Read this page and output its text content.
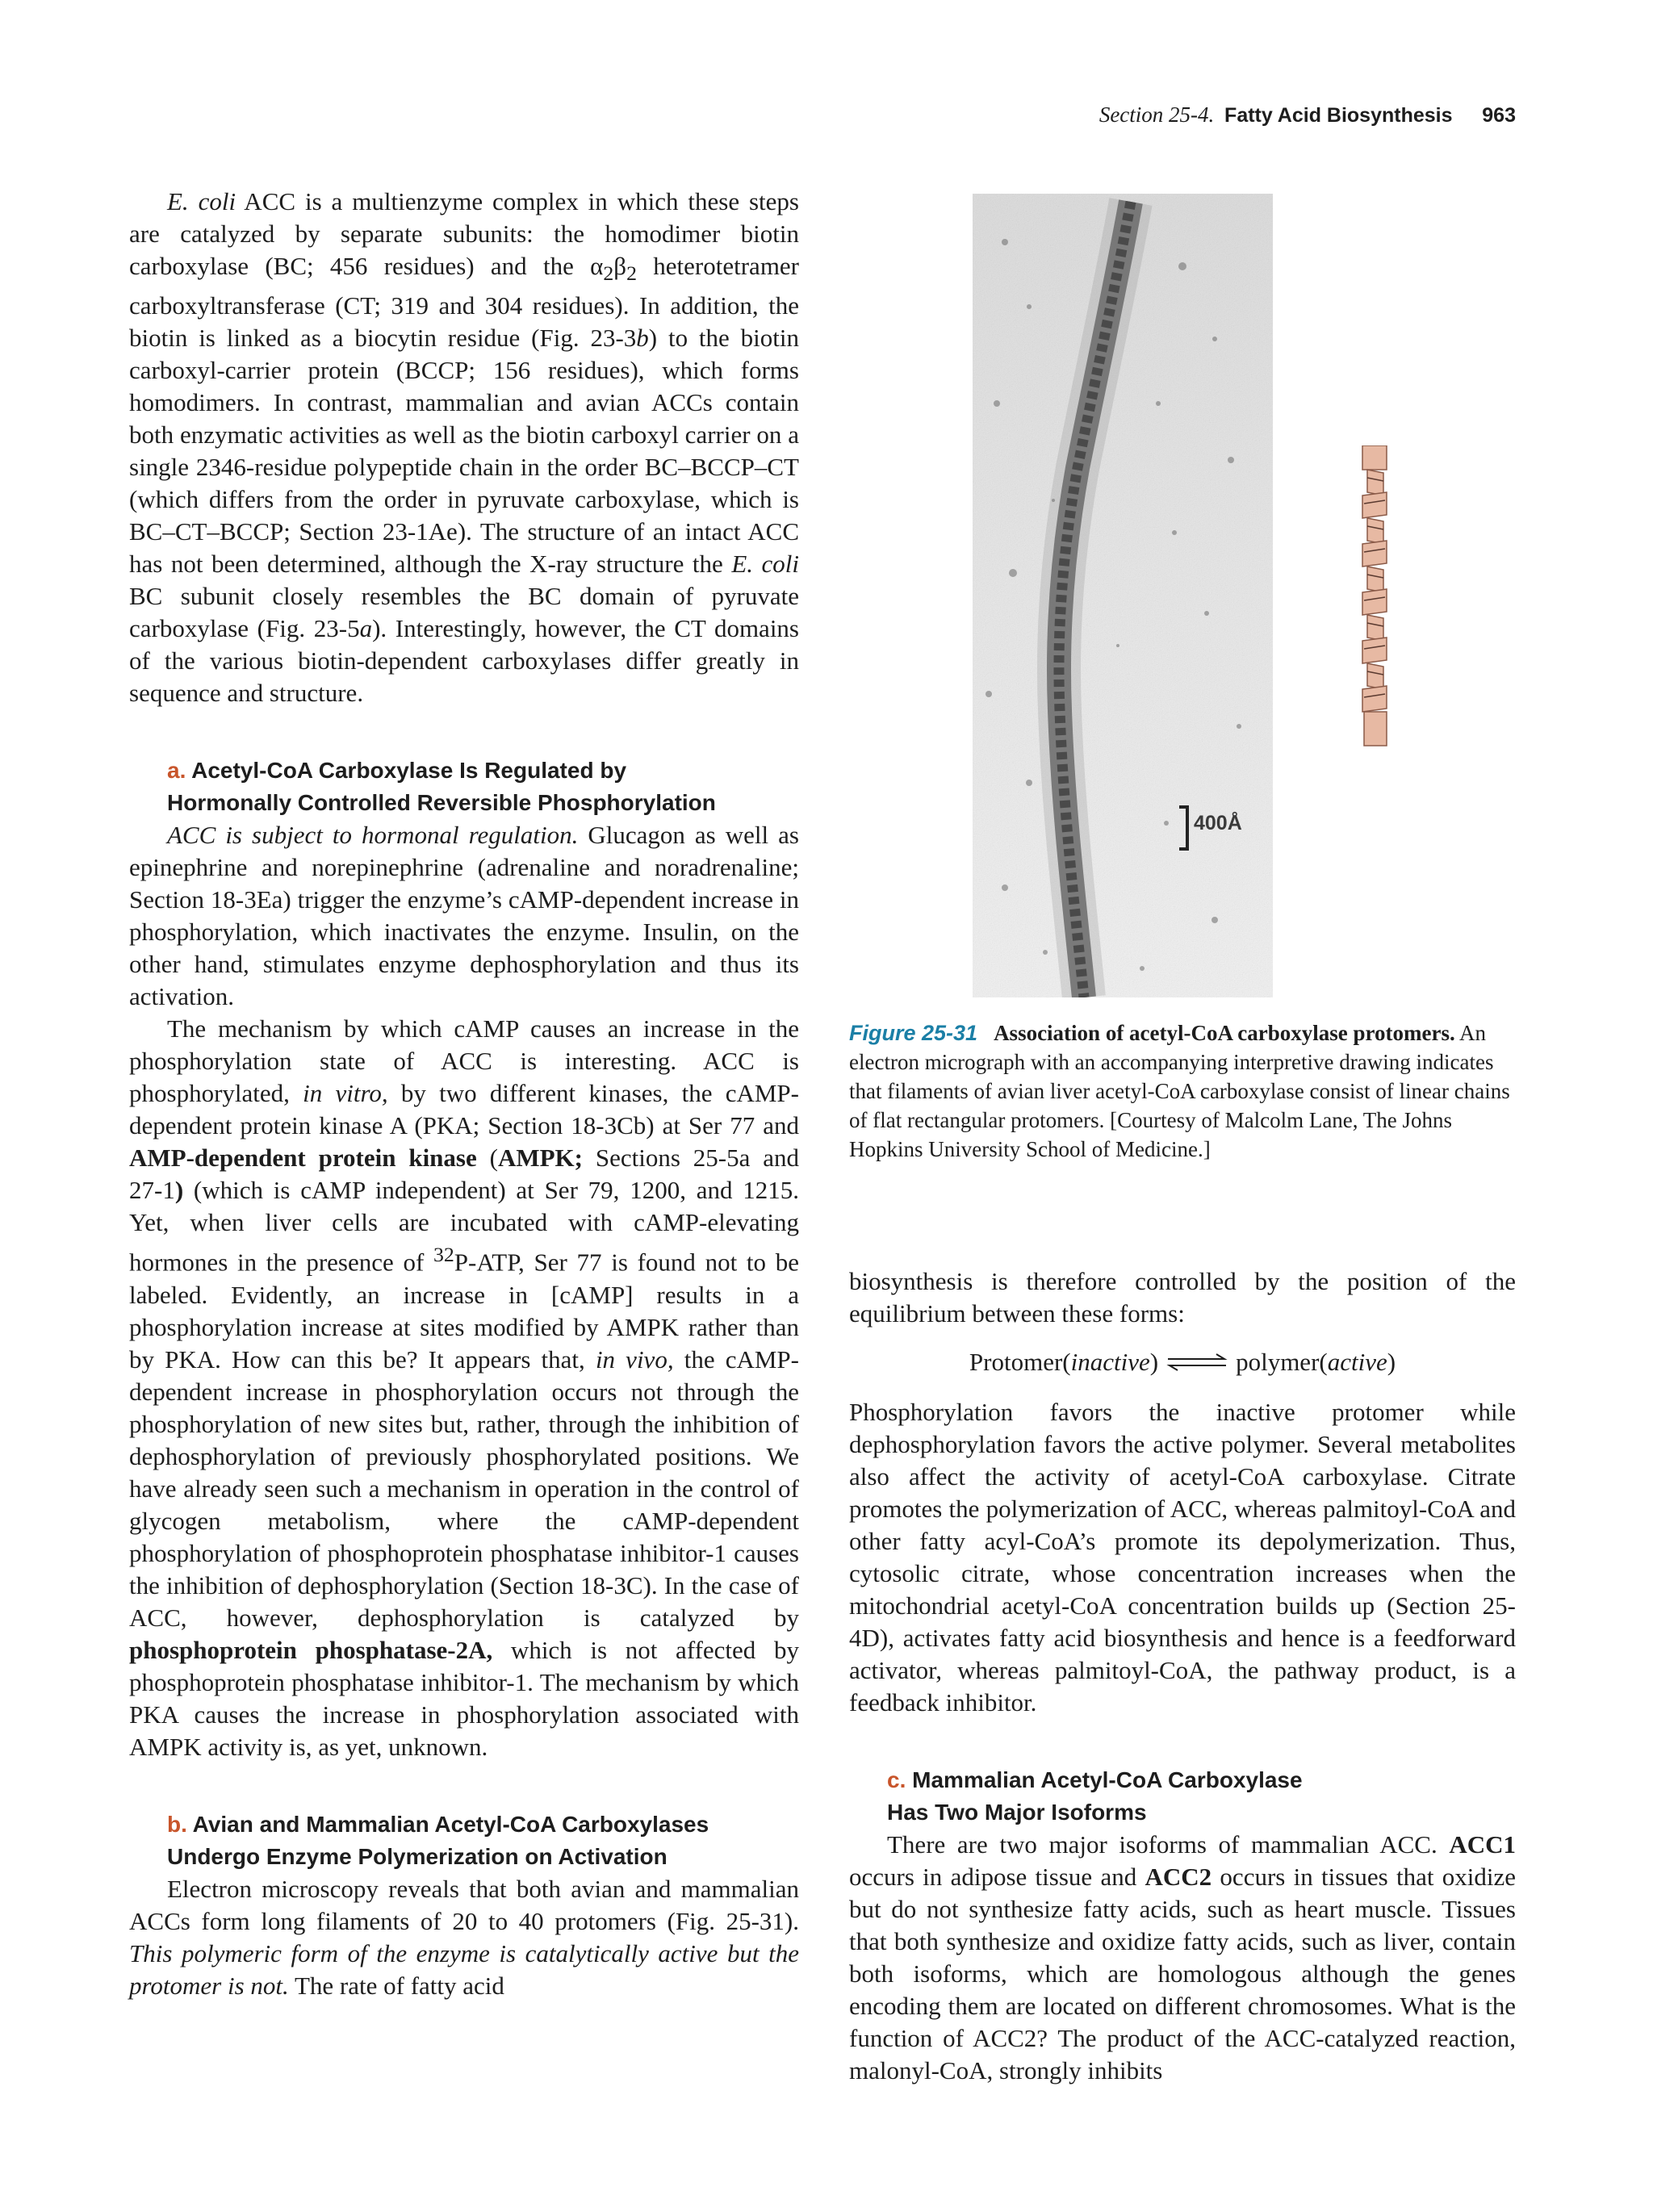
Section 25-4. Fatty Acid Biosynthesis 963

E. coli ACC is a multienzyme complex in which these steps are catalyzed by separate subunits: the homodimer biotin carboxylase (BC; 456 residues) and the $\alpha_2\beta_2$ heterotetramer carboxyltransferase (CT; 319 and 304 residues). In addition, the biotin is linked as a biocytin residue (Fig. 23-3b) to the biotin carboxyl-carrier protein (BCCP; 156 residues), which forms homodimers. In contrast, mammalian and avian ACCs contain both enzymatic activities as well as the biotin carboxyl carrier on a single 2346-residue polypeptide chain in the order BC–BCCP–CT (which differs from the order in pyruvate carboxylase, which is BC–CT–BCCP; Section 23-1Ae). The structure of an intact ACC has not been determined, although the X-ray structure the E. coli BC subunit closely resembles the BC domain of pyruvate carboxylase (Fig. 23-5a). Interestingly, however, the CT domains of the various biotin-dependent carboxylases differ greatly in sequence and structure.

a. Acetyl-CoA Carboxylase Is Regulated by
Hormonally Controlled Reversible Phosphorylation

ACC is subject to hormonal regulation. Glucagon as well as epinephrine and norepinephrine (adrenaline and noradrenaline; Section 18-3Ea) trigger the enzyme’s cAMP-dependent increase in phosphorylation, which inactivates the enzyme. Insulin, on the other hand, stimulates enzyme dephosphorylation and thus its activation.

The mechanism by which cAMP causes an increase in the phosphorylation state of ACC is interesting. ACC is phosphorylated, in vitro, by two different kinases, the cAMP-dependent protein kinase A (PKA; Section 18-3Cb) at Ser 77 and AMP-dependent protein kinase (AMPK; Sections 25-5a and 27-1) (which is cAMP independent) at Ser 79, 1200, and 1215. Yet, when liver cells are incubated with cAMP-elevating hormones in the presence of $^{32}$P-ATP, Ser 77 is found not to be labeled. Evidently, an increase in [cAMP] results in a phosphorylation increase at sites modified by AMPK rather than by PKA. How can this be? It appears that, in vivo, the cAMP-dependent increase in phosphorylation occurs not through the phosphorylation of new sites but, rather, through the inhibition of dephosphorylation of previously phosphorylated positions. We have already seen such a mechanism in operation in the control of glycogen metabolism, where the cAMP-dependent phosphorylation of phosphoprotein phosphatase inhibitor-1 causes the inhibition of dephosphorylation (Section 18-3C). In the case of ACC, however, dephosphorylation is catalyzed by phosphoprotein phosphatase-2A, which is not affected by phosphoprotein phosphatase inhibitor-1. The mechanism by which PKA causes the increase in phosphorylation associated with AMPK activity is, as yet, unknown.

b. Avian and Mammalian Acetyl-CoA Carboxylases
Undergo Enzyme Polymerization on Activation

Electron microscopy reveals that both avian and mammalian ACCs form long filaments of 20 to 40 protomers (Fig. 25-31). This polymeric form of the enzyme is catalytically active but the protomer is not. The rate of fatty acid

400Å
Figure 25-31 Association of acetyl-CoA carboxylase protomers. An electron micrograph with an accompanying interpretive drawing indicates that filaments of avian liver acetyl-CoA carboxylase consist of linear chains of flat rectangular protomers. [Courtesy of Malcolm Lane, The Johns Hopkins University School of Medicine.]

biosynthesis is therefore controlled by the position of the equilibrium between these forms:

Protomer(inactive) ⇌ polymer(active)

Phosphorylation favors the inactive protomer while dephosphorylation favors the active polymer. Several metabolites also affect the activity of acetyl-CoA carboxylase. Citrate promotes the polymerization of ACC, whereas palmitoyl-CoA and other fatty acyl-CoA’s promote its depolymerization. Thus, cytosolic citrate, whose concentration increases when the mitochondrial acetyl-CoA concentration builds up (Section 25-4D), activates fatty acid biosynthesis and hence is a feedforward activator, whereas palmitoyl-CoA, the pathway product, is a feedback inhibitor.

c. Mammalian Acetyl-CoA Carboxylase
Has Two Major Isoforms

There are two major isoforms of mammalian ACC. ACC1 occurs in adipose tissue and ACC2 occurs in tissues that oxidize but do not synthesize fatty acids, such as heart muscle. Tissues that both synthesize and oxidize fatty acids, such as liver, contain both isoforms, which are homologous although the genes encoding them are located on different chromosomes. What is the function of ACC2? The product of the ACC-catalyzed reaction, malonyl-CoA, strongly inhibits
